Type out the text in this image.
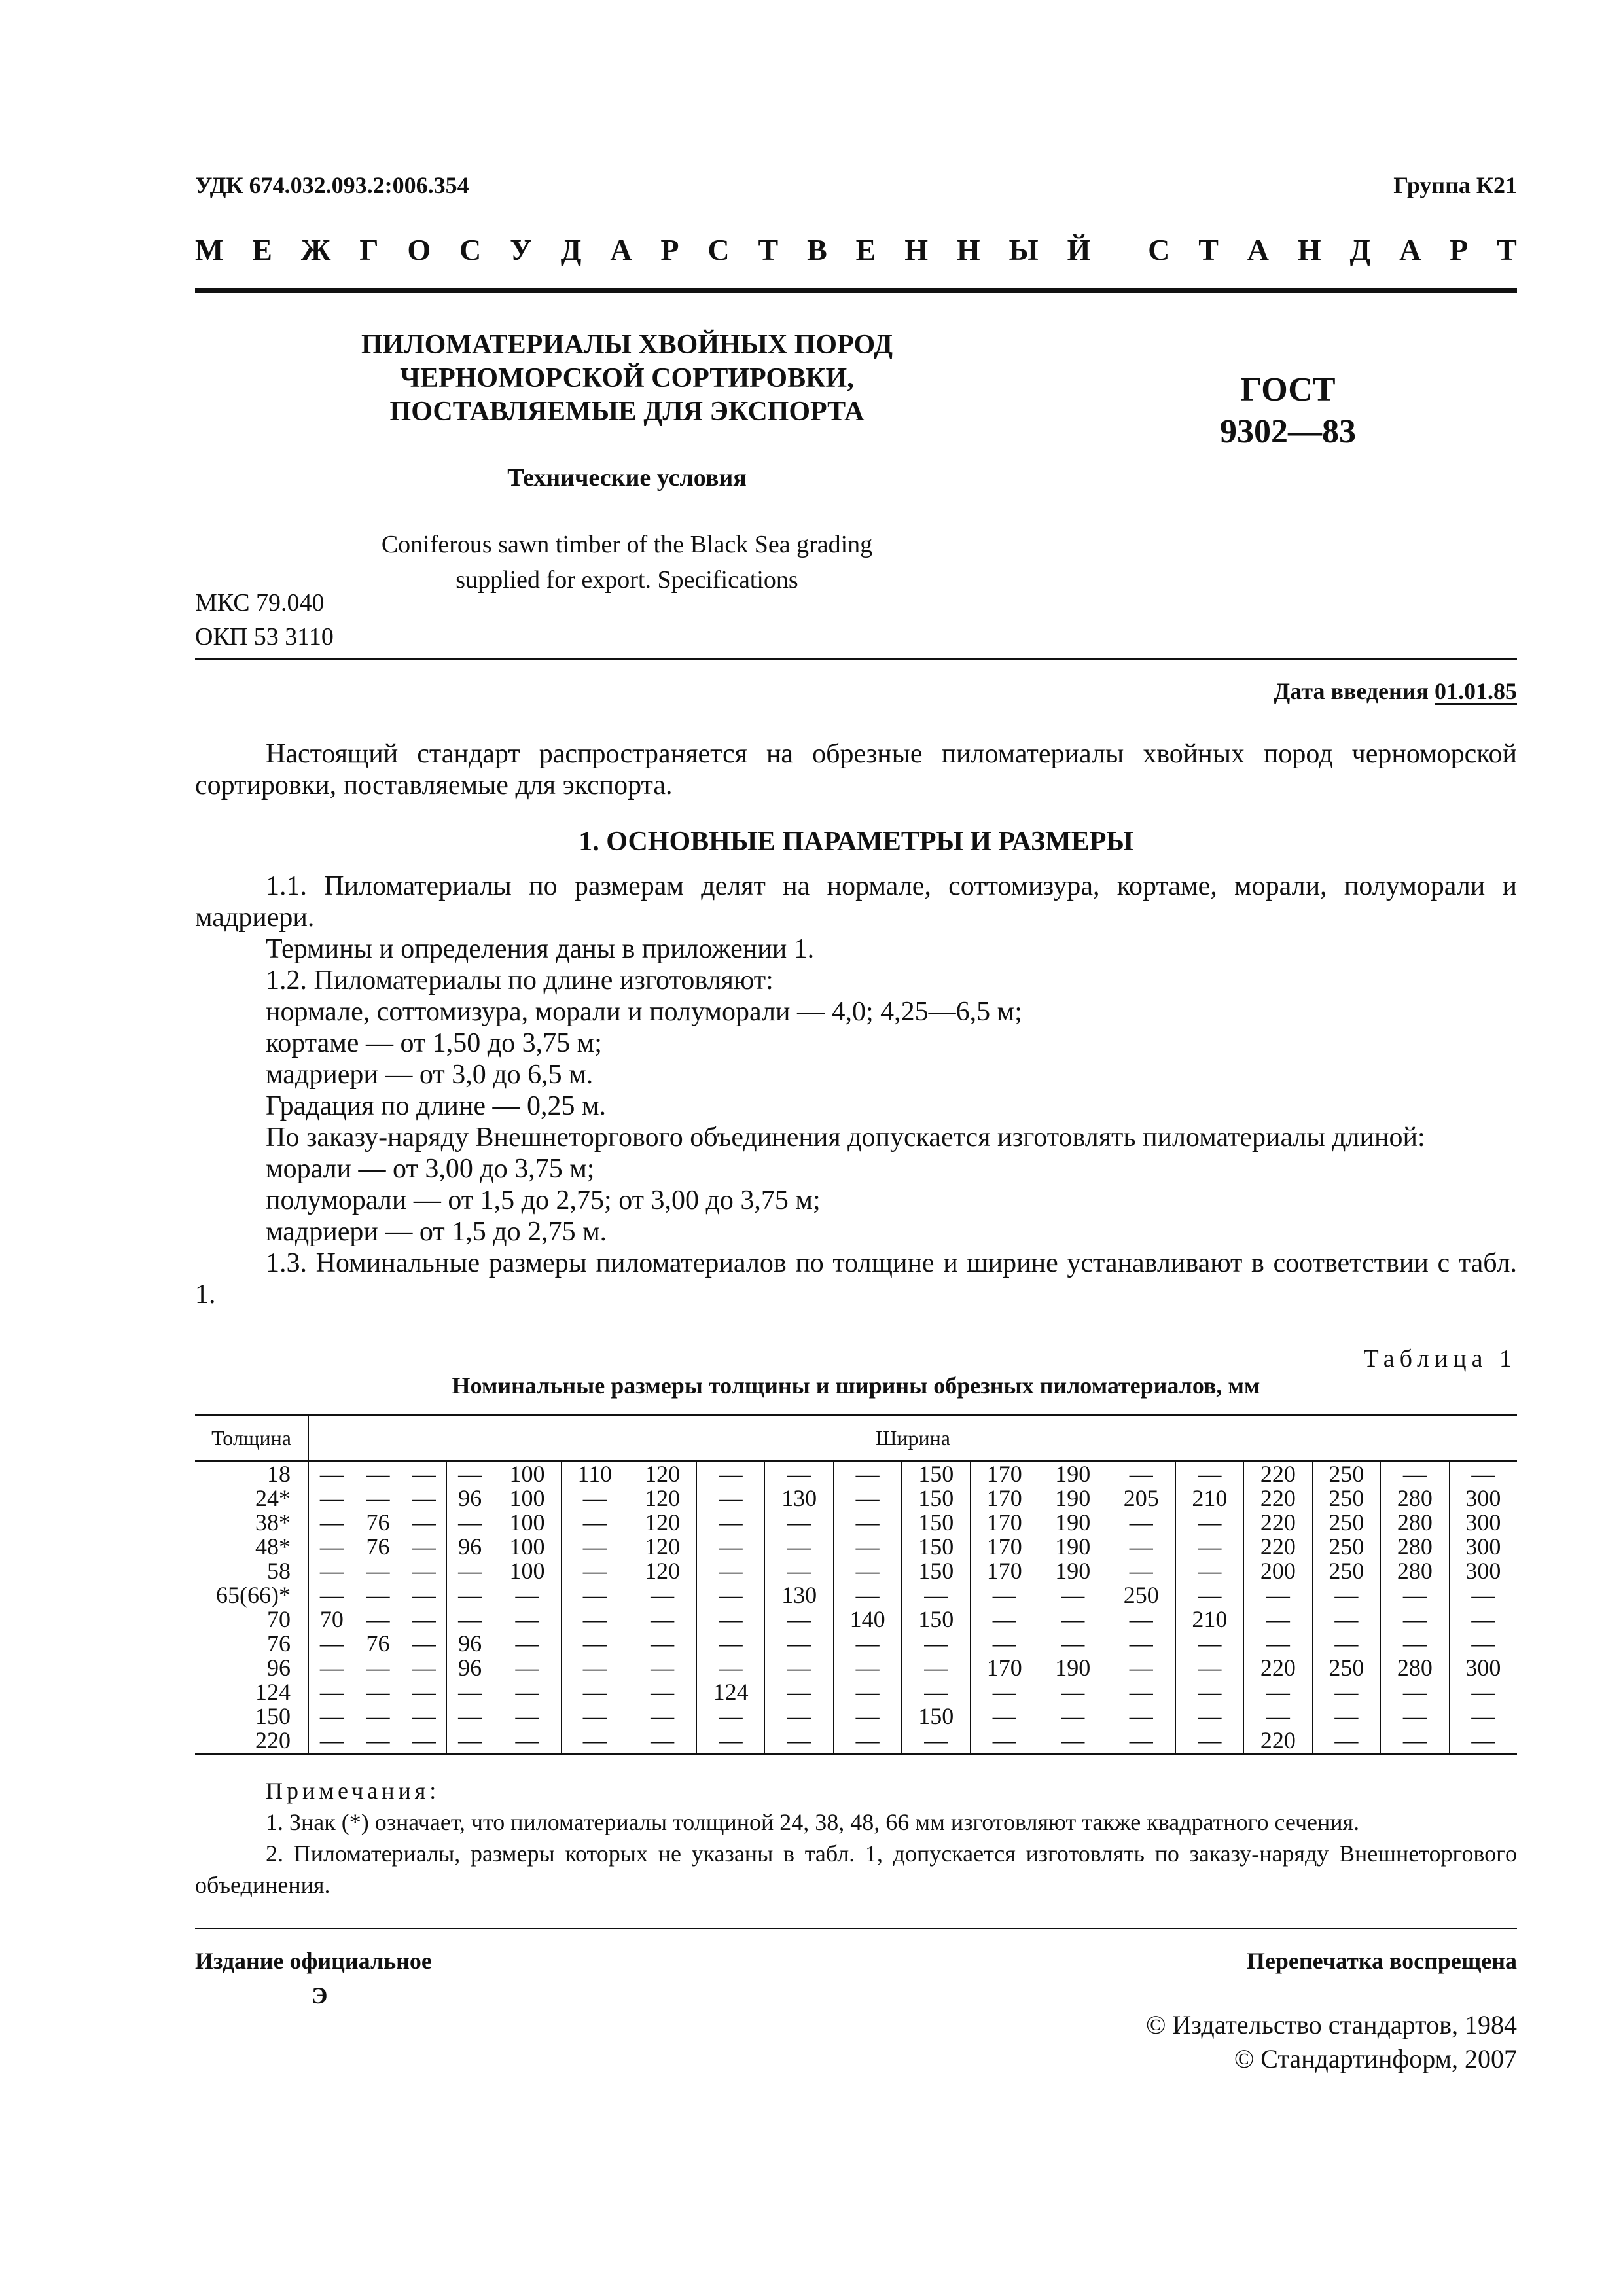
УДК 674.032.093.2:006.354	Группа К21
М Е Ж Г О С У Д А Р С Т В Е Н Н Ы Й С Т А Н Д А Р Т
ПИЛОМАТЕРИАЛЫ ХВОЙНЫХ ПОРОД
ЧЕРНОМОРСКОЙ СОРТИРОВКИ,
ПОСТАВЛЯЕМЫЕ ДЛЯ ЭКСПОРТА
ГОСТ
9302—83
Технические условия
Coniferous sawn timber of the Black Sea grading
supplied for export. Specifications
МКС 79.040
ОКП 53 3110
Дата введения 01.01.85
Настоящий стандарт распространяется на обрезные пиломатериалы хвойных пород черноморской сортировки, поставляемые для экспорта.
1. ОСНОВНЫЕ ПАРАМЕТРЫ И РАЗМЕРЫ
1.1. Пиломатериалы по размерам делят на нормале, соттомизура, кортаме, морали, полуморали и мадриери.
Термины и определения даны в приложении 1.
1.2. Пиломатериалы по длине изготовляют:
нормале, соттомизура, морали и полуморали — 4,0; 4,25—6,5 м;
кортаме — от 1,50 до 3,75 м;
мадриери — от 3,0 до 6,5 м.
Градация по длине — 0,25 м.
По заказу-наряду Внешнеторгового объединения допускается изготовлять пиломатериалы длиной:
морали — от 3,00 до 3,75 м;
полуморали — от 1,5 до 2,75; от 3,00 до 3,75 м;
мадриери — от 1,5 до 2,75 м.
1.3. Номинальные размеры пиломатериалов по толщине и ширине устанавливают в соответствии с табл. 1.
Таблица 1
Номинальные размеры толщины и ширины обрезных пиломатериалов, мм
Толщина	Ширина																		
18	—	—	—	—	100	110	120	—	—	—	150	170	190	—	—	220	250	—	—
24*	—	—	—	96	100	—	120	—	130	—	150	170	190	205	210	220	250	280	300
38*	—	76	—	—	100	—	120	—	—	—	150	170	190	—	—	220	250	280	300
48*	—	76	—	96	100	—	120	—	—	—	150	170	190	—	—	220	250	280	300
58	—	—	—	—	100	—	120	—	—	—	150	170	190	—	—	200	250	280	300
65(66)*	—	—	—	—	—	—	—	—	130	—	—	—	—	250	—	—	—	—	—
70	70	—	—	—	—	—	—	—	—	140	150	—	—	—	210	—	—	—	—
76	—	76	—	96	—	—	—	—	—	—	—	—	—	—	—	—	—	—	—
96	—	—	—	96	—	—	—	—	—	—	—	170	190	—	—	220	250	280	300
124	—	—	—	—	—	—	—	124	—	—	—	—	—	—	—	—	—	—	—
150	—	—	—	—	—	—	—	—	—	—	150	—	—	—	—	—	—	—	—
220	—	—	—	—	—	—	—	—	—	—	—	—	—	—	—	220	—	—	—
Примечания:
1. Знак (*) означает, что пиломатериалы толщиной 24, 38, 48, 66 мм изготовляют также квадратного сечения.
2. Пиломатериалы, размеры которых не указаны в табл. 1, допускается изготовлять по заказу-наряду Внешнеторгового объединения.
Издание официальное
Э
Перепечатка воспрещена
© Издательство стандартов, 1984
© Стандартинформ, 2007
